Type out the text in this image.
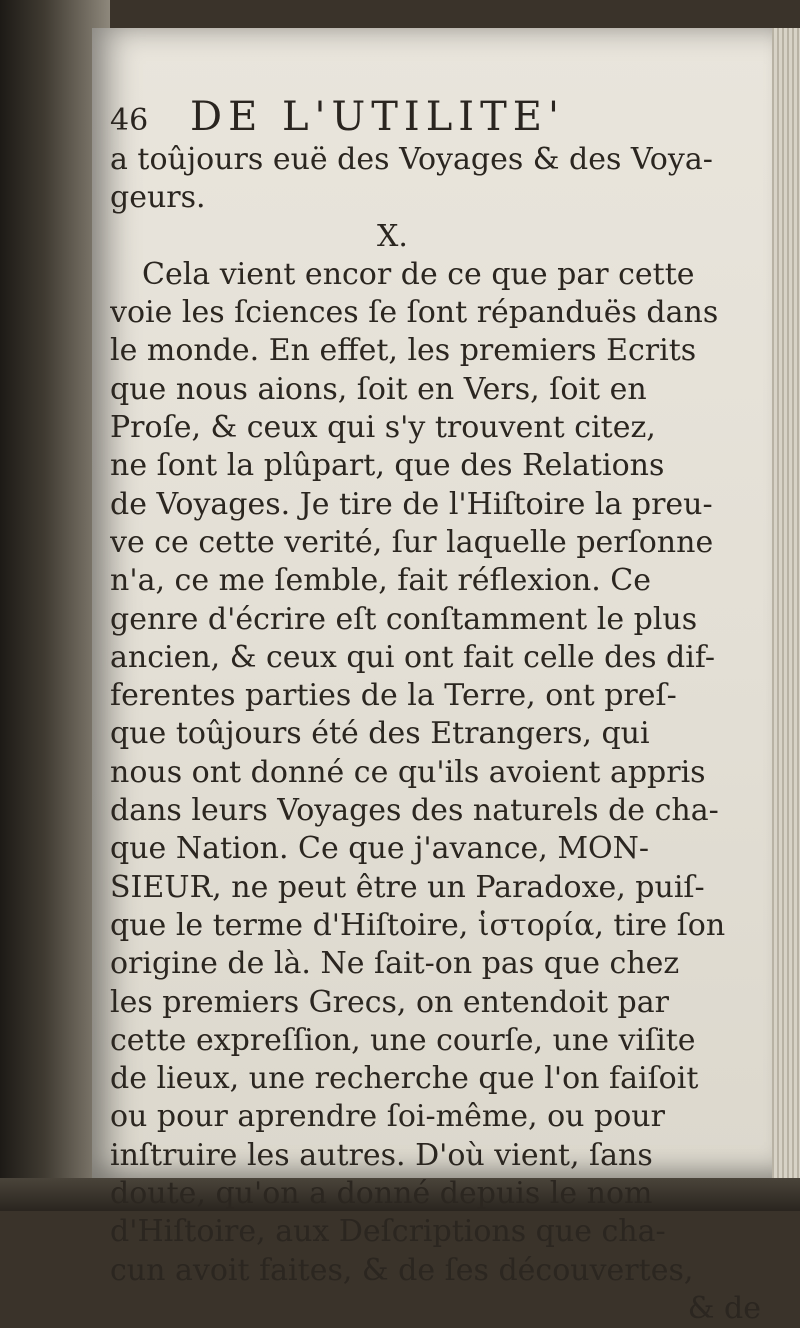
46	DE L'UTILITE'
a toûjours euë des Voyages & des Voya-
geurs.
X.
Cela vient encor de ce que par cette
voie les ſciences ſe ſont répanduës dans
le monde. En effet, les premiers Ecrits
que nous aions, ſoit en Vers, ſoit en
Proſe, & ceux qui s'y trouvent citez,
ne ſont la plûpart, que des Relations
de Voyages. Je tire de l'Hiſtoire la preu-
ve ce cette verité, ſur laquelle perſonne
n'a, ce me ſemble, fait réflexion. Ce
genre d'écrire eſt conſtamment le plus
ancien, & ceux qui ont fait celle des dif-
ferentes parties de la Terre, ont preſ-
que toûjours été des Etrangers, qui
nous ont donné ce qu'ils avoient appris
dans leurs Voyages des naturels de cha-
que Nation. Ce que j'avance, MON-
SIEUR, ne peut être un Paradoxe, puiſ-
que le terme d'Hiſtoire, ἱστορία, tire ſon
origine de là. Ne ſait-on pas que chez
les premiers Grecs, on entendoit par
cette expreſſion, une courſe, une viſite
de lieux, une recherche que l'on faiſoit
ou pour aprendre ſoi-même, ou pour
inſtruire les autres. D'où vient, ſans
doute, qu'on a donné depuis le nom
d'Hiſtoire, aux Deſcriptions que cha-
cun avoit faites, & de ſes découvertes,
& de
